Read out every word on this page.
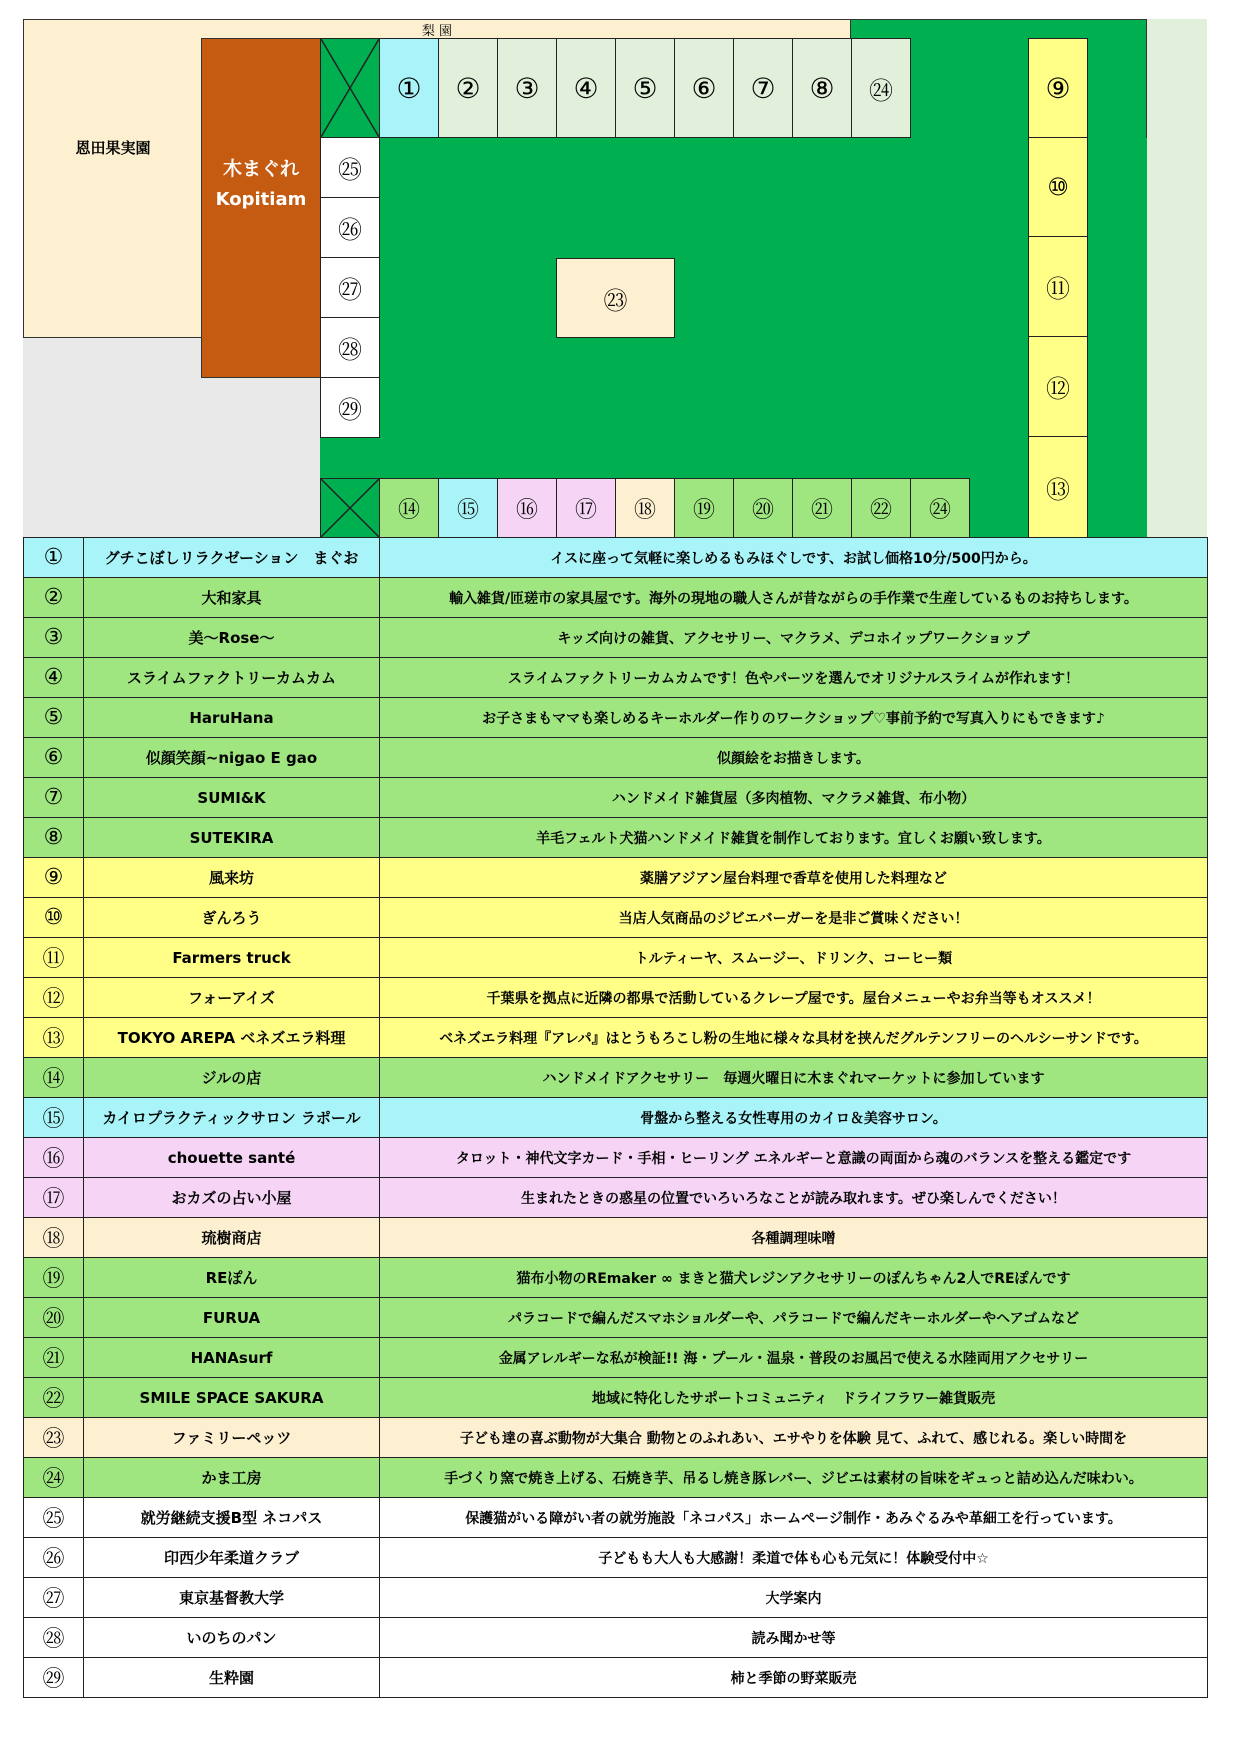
梨 園
恩田果実園
木まぐれ
Kopitiam
① ② ③ ④ ⑤ ⑥ ⑦ ⑧ ㉔	⑨
⑩
⑪
⑫
⑬
㉕
㉖
㉗
㉘
㉙
㉓
⑭ ⑮ ⑯ ⑰ ⑱ ⑲ ⑳ ㉑ ㉒ ㉔
①	グチこぼしリラクゼーション　まぐお	イスに座って気軽に楽しめるもみほぐしです、お試し価格10分/500円から。
②	大和家具	輸入雑貨/匝瑳市の家具屋です。海外の現地の職人さんが昔ながらの手作業で生産しているものお持ちします。
③	美～Rose～	キッズ向けの雑貨、アクセサリー、マクラメ、デコホイップワークショップ
④	スライムファクトリーカムカム	スライムファクトリーカムカムです！色やパーツを選んでオリジナルスライムが作れます！
⑤	HaruHana	お子さまもママも楽しめるキーホルダー作りのワークショップ♡事前予約で写真入りにもできます♪
⑥	似顔笑顔~nigao E gao	似顔絵をお描きします。
⑦	SUMI&K	ハンドメイド雑貨屋（多肉植物、マクラメ雑貨、布小物）
⑧	SUTEKIRA	羊毛フェルト犬猫ハンドメイド雑貨を制作しております。宜しくお願い致します。
⑨	風来坊	薬膳アジアン屋台料理で香草を使用した料理など
⑩	ぎんろう	当店人気商品のジビエバーガーを是非ご賞味ください！
⑪	Farmers truck	トルティーヤ、スムージー、ドリンク、コーヒー類
⑫	フォーアイズ	千葉県を拠点に近隣の都県で活動しているクレープ屋です。屋台メニューやお弁当等もオススメ！
⑬	TOKYO AREPA ベネズエラ料理	ベネズエラ料理『アレパ』はとうもろこし粉の生地に様々な具材を挟んだグルテンフリーのヘルシーサンドです。
⑭	ジルの店	ハンドメイドアクセサリー　毎週火曜日に木まぐれマーケットに参加しています
⑮	カイロプラクティックサロン ラポール	骨盤から整える女性専用のカイロ＆美容サロン。
⑯	chouette santé	タロット・神代文字カード・手相・ヒーリング エネルギーと意識の両面から魂のバランスを整える鑑定です
⑰	おカズの占い小屋	生まれたときの惑星の位置でいろいろなことが読み取れます。ぜひ楽しんでください！
⑱	琉樹商店	各種調理味噌
⑲	REぽん	猫布小物のREmaker ∞ まきと猫犬レジンアクセサリーのぽんちゃん2人でREぽんです
⑳	FURUA	パラコードで編んだスマホショルダーや、パラコードで編んだキーホルダーやヘアゴムなど
㉑	HANAsurf	金属アレルギーな私が検証!! 海・プール・温泉・普段のお風呂で使える水陸両用アクセサリー
㉒	SMILE SPACE SAKURA	地域に特化したサポートコミュニティ　ドライフラワー雑貨販売
㉓	ファミリーペッツ	子ども達の喜ぶ動物が大集合 動物とのふれあい、エサやりを体験 見て、ふれて、感じれる。楽しい時間を
㉔	かま工房	手づくり窯で焼き上げる、石焼き芋、吊るし焼き豚レバー、ジビエは素材の旨味をギュっと詰め込んだ味わい。
㉕	就労継続支援B型 ネコパス	保護猫がいる障がい者の就労施設「ネコパス」ホームページ制作・あみぐるみや革細工を行っています。
㉖	印西少年柔道クラブ	子どもも大人も大感謝！柔道で体も心も元気に！体験受付中☆
㉗	東京基督教大学	大学案内
㉘	いのちのパン	読み聞かせ等
㉙	生粋園	柿と季節の野菜販売
